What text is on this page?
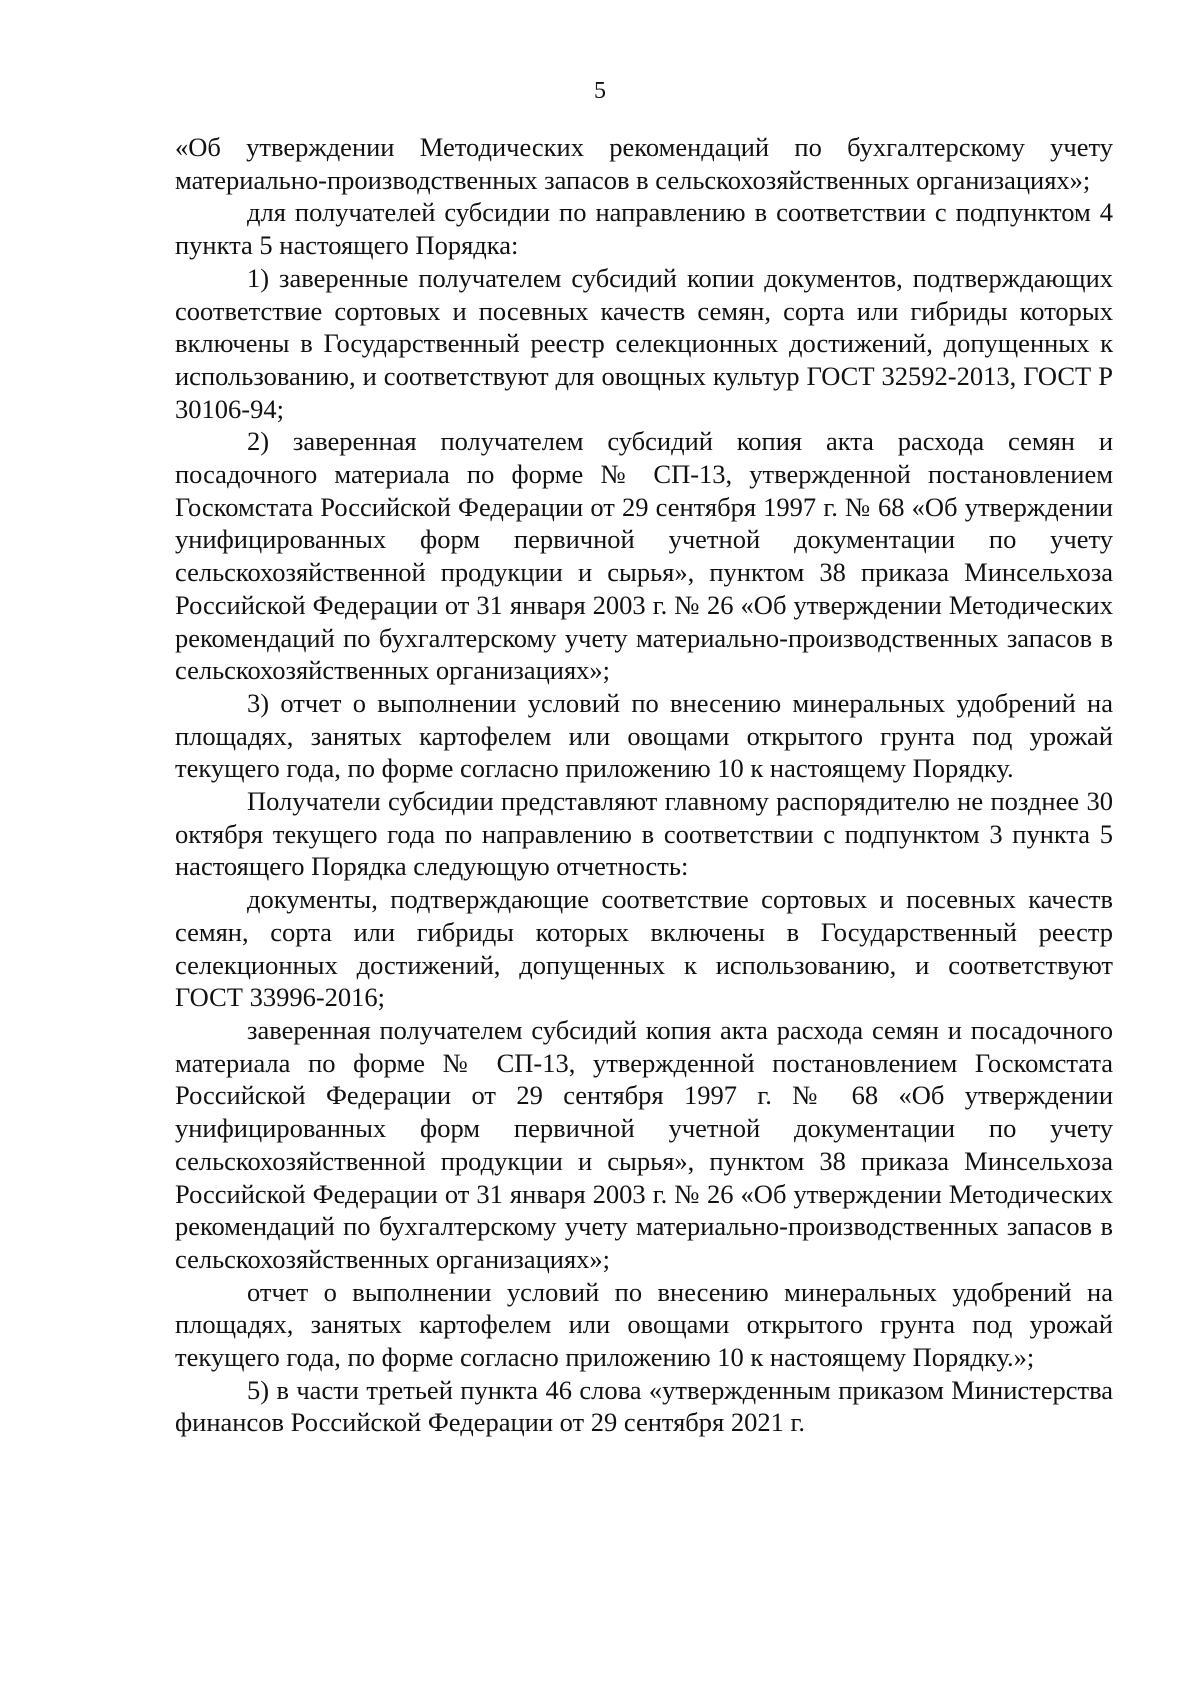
5

«Об утверждении Методических рекомендаций по бухгалтерскому учету материально-производственных запасов в сельскохозяйственных организациях»;

для получателей субсидии по направлению в соответствии с подпунктом 4 пункта 5 настоящего Порядка:

1) заверенные получателем субсидий копии документов, подтверждающих соответствие сортовых и посевных качеств семян, сорта или гибриды которых включены в Государственный реестр селекционных достижений, допущенных к использованию, и соответствуют для овощных культур ГОСТ 32592-2013, ГОСТ Р 30106-94;

2) заверенная получателем субсидий копия акта расхода семян и посадочного материала по форме № СП-13, утвержденной постановлением Госкомстата Российской Федерации от 29 сентября 1997 г. № 68 «Об утверждении унифицированных форм первичной учетной документации по учету сельскохозяйственной продукции и сырья», пунктом 38 приказа Минсельхоза Российской Федерации от 31 января 2003 г. № 26 «Об утверждении Методических рекомендаций по бухгалтерскому учету материально-производственных запасов в сельскохозяйственных организациях»;

3) отчет о выполнении условий по внесению минеральных удобрений на площадях, занятых картофелем или овощами открытого грунта под урожай текущего года, по форме согласно приложению 10 к настоящему Порядку.

Получатели субсидии представляют главному распорядителю не позднее 30 октября текущего года по направлению в соответствии с подпунктом 3 пункта 5 настоящего Порядка следующую отчетность:

документы, подтверждающие соответствие сортовых и посевных качеств семян, сорта или гибриды которых включены в Государственный реестр селекционных достижений, допущенных к использованию, и соответствуют ГОСТ 33996-2016;

заверенная получателем субсидий копия акта расхода семян и посадочного материала по форме № СП-13, утвержденной постановлением Госкомстата Российской Федерации от 29 сентября 1997 г. № 68 «Об утверждении унифицированных форм первичной учетной документации по учету сельскохозяйственной продукции и сырья», пунктом 38 приказа Минсельхоза Российской Федерации от 31 января 2003 г. № 26 «Об утверждении Методических рекомендаций по бухгалтерскому учету материально-производственных запасов в сельскохозяйственных организациях»;

отчет о выполнении условий по внесению минеральных удобрений на площадях, занятых картофелем или овощами открытого грунта под урожай текущего года, по форме согласно приложению 10 к настоящему Порядку.»;

5) в части третьей пункта 46 слова «утвержденным приказом Министерства финансов Российской Федерации от 29 сентября 2021 г.
